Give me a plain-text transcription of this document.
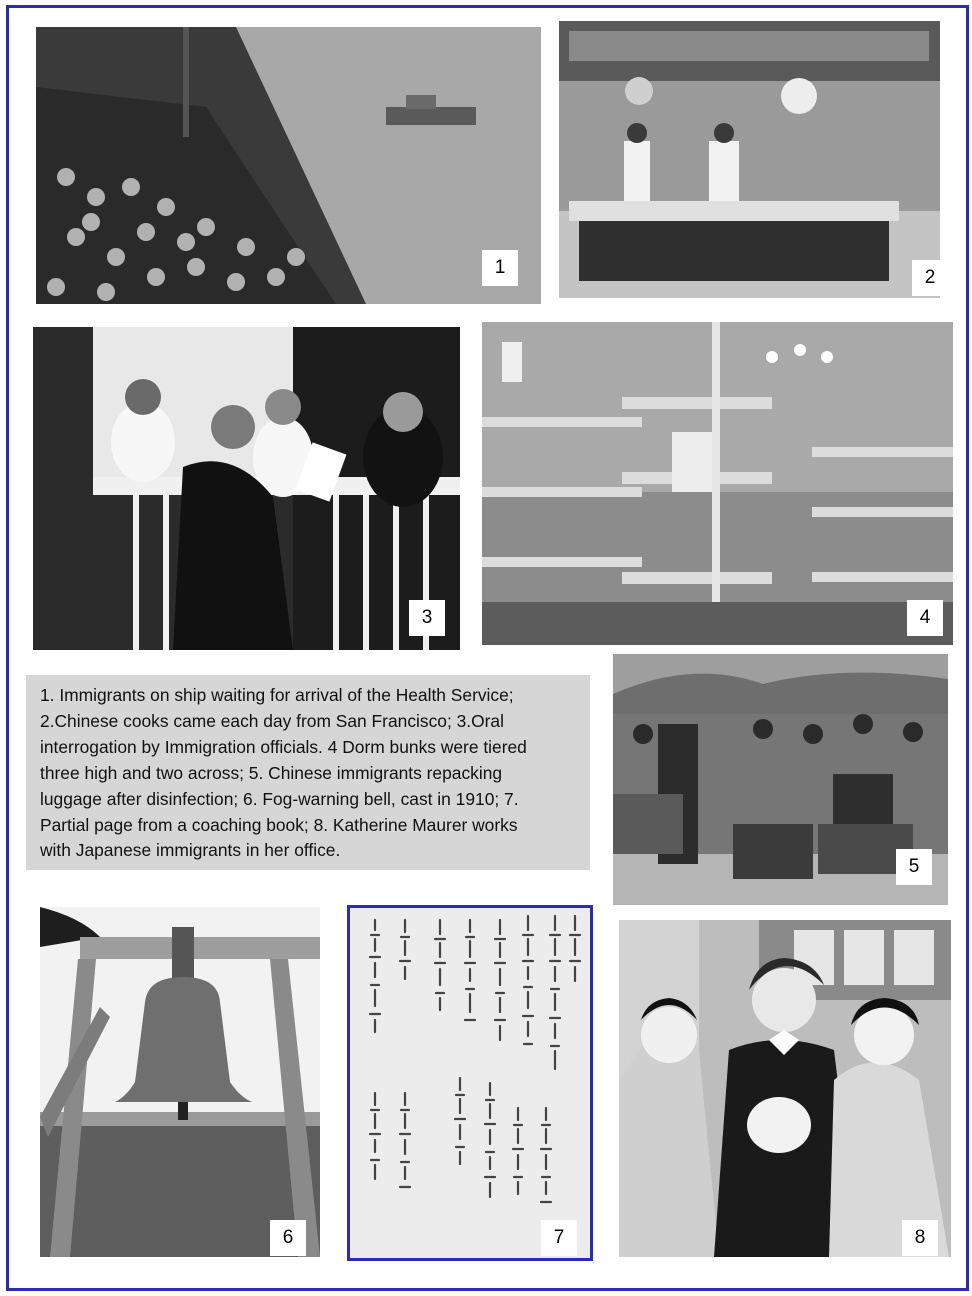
1	2
3	4
1. Immigrants on ship waiting for arrival of the Health Service;
2.Chinese cooks came each day from San Francisco; 3.Oral
interrogation by Immigration officials. 4 Dorm bunks were tiered
three high and two across; 5. Chinese immigrants repacking
luggage after disinfection; 6. Fog-warning bell, cast in 1910; 7.
Partial page from a coaching book; 8. Katherine Maurer works
with Japanese immigrants in her office.
5
6	7	8
